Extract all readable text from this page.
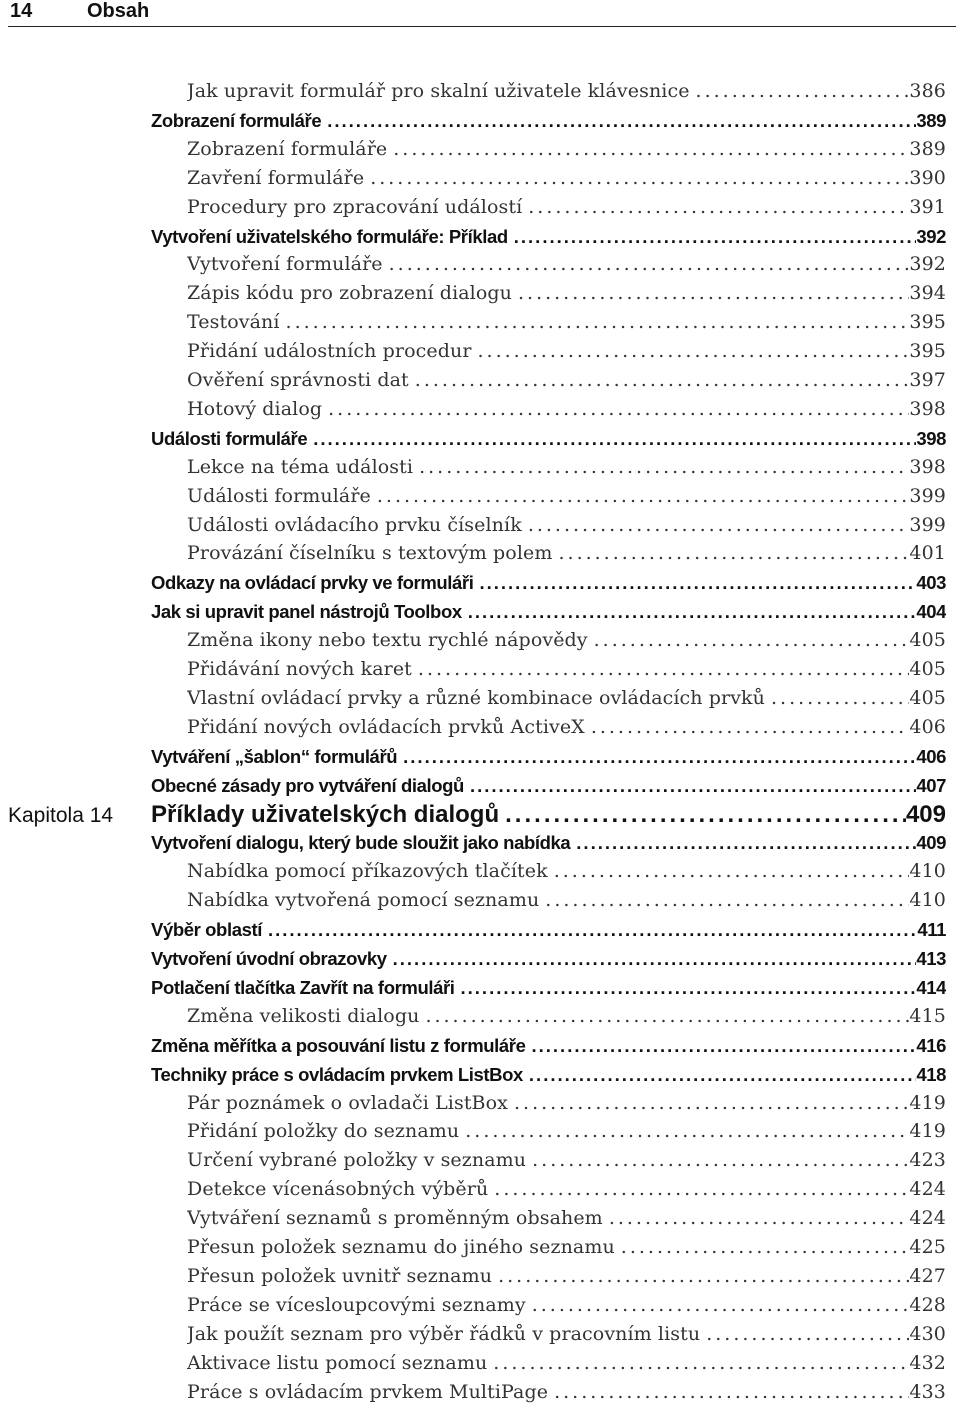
14	Obsah
Jak upravit formulář pro skalní uživatele klávesnice .....	386
Zobrazení formuláře .....	389
Zobrazení formuláře .....	389
Zavření formuláře .....	390
Procedury pro zpracování událostí .....	391
Vytvoření uživatelského formuláře: Příklad .....	392
Vytvoření formuláře .....	392
Zápis kódu pro zobrazení dialogu .....	394
Testování .....	395
Přidání událostních procedur .....	395
Ověření správnosti dat .....	397
Hotový dialog .....	398
Události formuláře .....	398
Lekce na téma události .....	398
Události formuláře .....	399
Události ovládacího prvku číselník .....	399
Provázání číselníku s textovým polem .....	401
Odkazy na ovládací prvky ve formuláři .....	403
Jak si upravit panel nástrojů Toolbox .....	404
Změna ikony nebo textu rychlé nápovědy .....	405
Přidávání nových karet .....	405
Vlastní ovládací prvky a různé kombinace ovládacích prvků .....	405
Přidání nových ovládacích prvků ActiveX .....	406
Vytváření „šablon“ formulářů .....	406
Obecné zásady pro vytváření dialogů .....	407
Kapitola 14 Příklady uživatelských dialogů .....	409
Vytvoření dialogu, který bude sloužit jako nabídka .....	409
Nabídka pomocí příkazových tlačítek .....	410
Nabídka vytvořená pomocí seznamu .....	410
Výběr oblastí .....	411
Vytvoření úvodní obrazovky .....	413
Potlačení tlačítka Zavřít na formuláři .....	414
Změna velikosti dialogu .....	415
Změna měřítka a posouvání listu z formuláře .....	416
Techniky práce s ovládacím prvkem ListBox .....	418
Pár poznámek o ovladači ListBox .....	419
Přidání položky do seznamu .....	419
Určení vybrané položky v seznamu .....	423
Detekce vícenásobných výběrů .....	424
Vytváření seznamů s proměnným obsahem .....	424
Přesun položek seznamu do jiného seznamu .....	425
Přesun položek uvnitř seznamu .....	427
Práce se vícesloupcovými seznamy .....	428
Jak použít seznam pro výběr řádků v pracovním listu .....	430
Aktivace listu pomocí seznamu .....	432
Práce s ovládacím prvkem MultiPage .....	433
